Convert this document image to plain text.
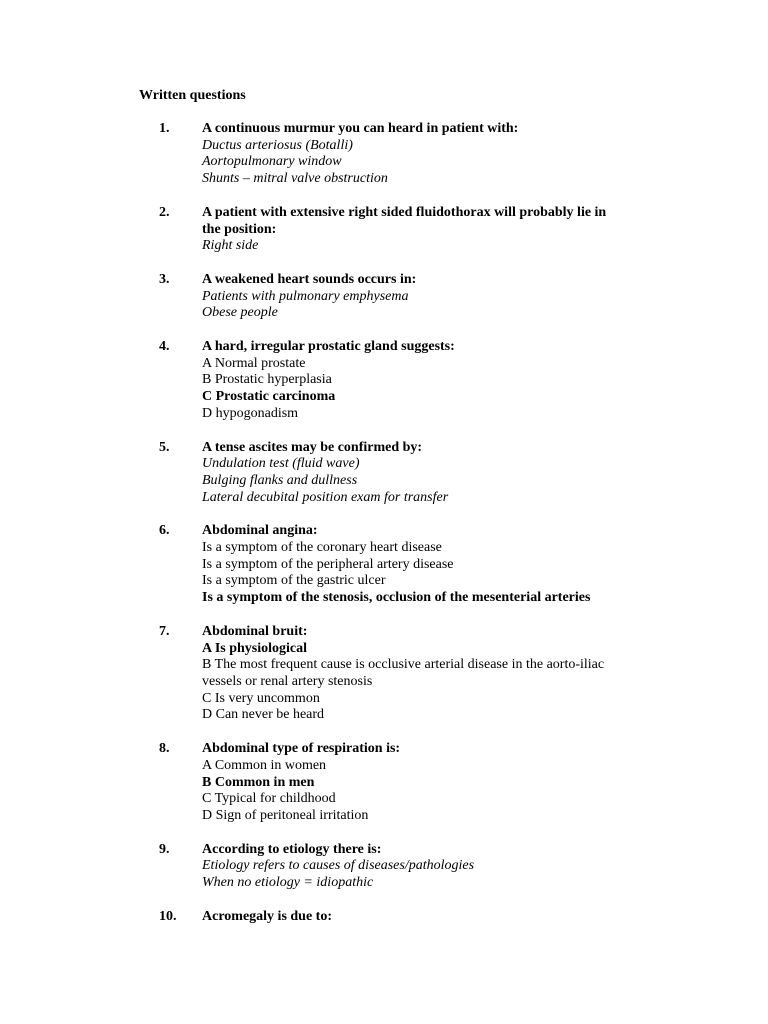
Written questions
1. A continuous murmur you can heard in patient with:
Ductus arteriosus (Botalli)
Aortopulmonary window
Shunts – mitral valve obstruction
2. A patient with extensive right sided fluidothorax will probably lie in the position:
Right side
3. A weakened heart sounds occurs in:
Patients with pulmonary emphysema
Obese people
4. A hard, irregular prostatic gland suggests:
A Normal prostate
B Prostatic hyperplasia
C Prostatic carcinoma
D hypogonadism
5. A tense ascites may be confirmed by:
Undulation test (fluid wave)
Bulging flanks and dullness
Lateral decubital position exam for transfer
6. Abdominal angina:
Is a symptom of the coronary heart disease
Is a symptom of the peripheral artery disease
Is a symptom of the gastric ulcer
Is a symptom of the stenosis, occlusion of the mesenterial arteries
7. Abdominal bruit:
A Is physiological
B The most frequent cause is occlusive arterial disease in the aorto-iliac vessels or renal artery stenosis
C Is very uncommon
D Can never be heard
8. Abdominal type of respiration is:
A Common in women
B Common in men
C Typical for childhood
D Sign of peritoneal irritation
9. According to etiology there is:
Etiology refers to causes of diseases/pathologies
When no etiology = idiopathic
10. Acromegaly is due to:
